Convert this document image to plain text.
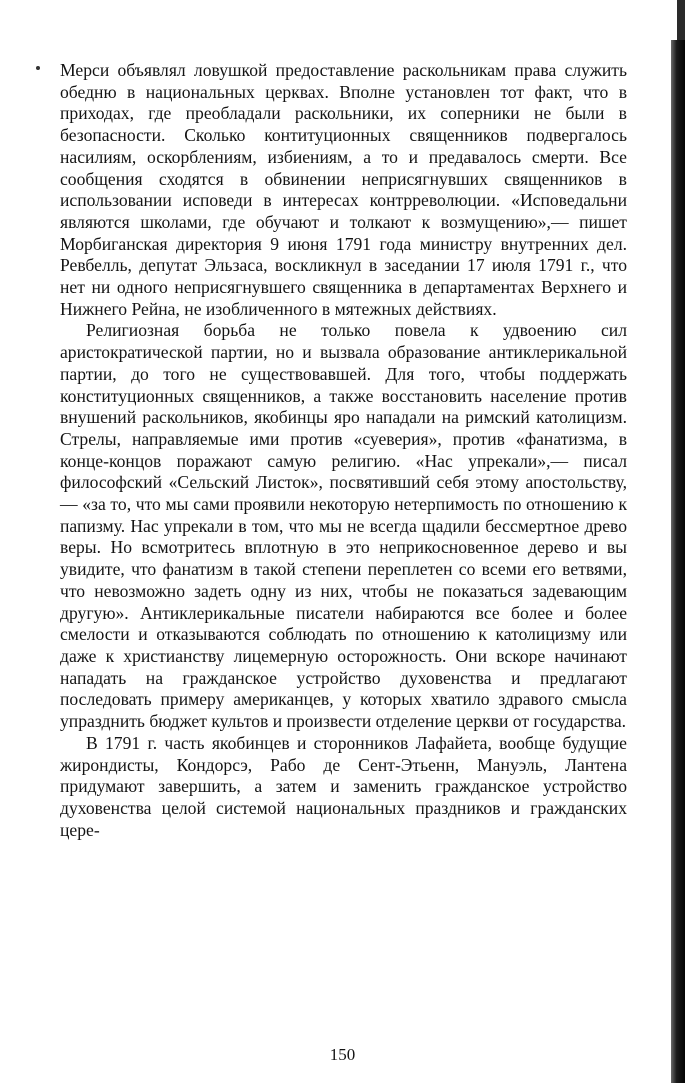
Мерси объявлял ловушкой предоставление раскольникам права служить обедню в национальных церквах. Вполне установлен тот факт, что в приходах, где преобладали раскольники, их соперники не были в безопасности. Сколько контитуционных священников подвергалось насилиям, оскорблениям, избиениям, а то и предавалось смерти. Все сообщения сходятся в обвинении неприсягнувших священников в использовании исповеди в интересах контрреволюции. «Исповедальни являются школами, где обучают и толкают к возмущению»,— пишет Морбиганская директория 9 июня 1791 года министру внутренних дел. Ревбелль, депутат Эльзаса, воскликнул в заседании 17 июля 1791 г., что нет ни одного неприсягнувшего священника в департаментах Верхнего и Нижнего Рейна, не изобличенного в мятежных действиях.

Религиозная борьба не только повела к удвоению сил аристократической партии, но и вызвала образование антиклерикальной партии, до того не существовавшей. Для того, чтобы поддержать конституционных священников, а также восстановить население против внушений раскольников, якобинцы яро нападали на римский католицизм. Стрелы, направляемые ими против «суеверия», против «фанатизма, в конце-концов поражают самую религию. «Нас упрекали»,— писал философский «Сельский Листок», посвятивший себя этому апостольству,— «за то, что мы сами проявили некоторую нетерпимость по отношению к папизму. Нас упрекали в том, что мы не всегда щадили бессмертное древо веры. Но всмотритесь вплотную в это неприкосновенное дерево и вы увидите, что фанатизм в такой степени переплетен со всеми его ветвями, что невозможно задеть одну из них, чтобы не показаться задевающим другую». Антиклерикальные писатели набираются все более и более смелости и отказываются соблюдать по отношению к католицизму или даже к христианству лицемерную осторожность. Они вскоре начинают нападать на гражданское устройство духовенства и предлагают последовать примеру американцев, у которых хватило здравого смысла упразднить бюджет культов и произвести отделение церкви от государства.

В 1791 г. часть якобинцев и сторонников Лафайета, вообще будущие жирондисты, Кондорсэ, Рабо де Сент-Этьенн, Мануэль, Лантена придумают завершить, а затем и заменить гражданское устройство духовенства целой системой национальных праздников и гражданских цере-

150
